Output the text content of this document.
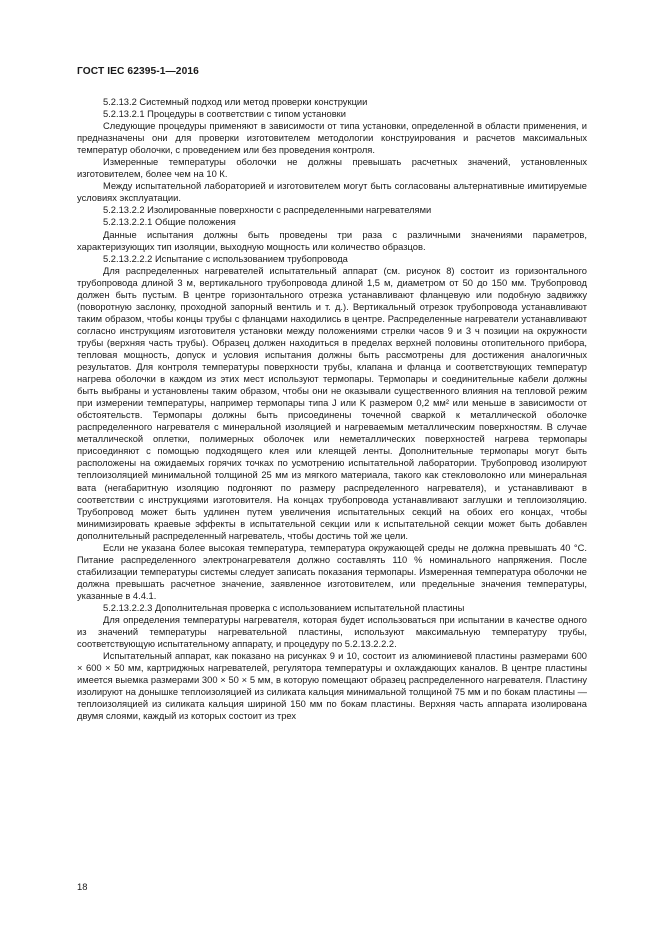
ГОСТ IEC 62395-1—2016

5.2.13.2 Системный подход или метод проверки конструкции

5.2.13.2.1 Процедуры в соответствии с типом установки

Следующие процедуры применяют в зависимости от типа установки, определенной в области применения, и предназначены они для проверки изготовителем методологии конструирования и расчетов максимальных температур оболочки, с проведением или без проведения контроля.

Измеренные температуры оболочки не должны превышать расчетных значений, установленных изготовителем, более чем на 10 К.

Между испытательной лабораторией и изготовителем могут быть согласованы альтернативные имитируемые условиях эксплуатации.

5.2.13.2.2 Изолированные поверхности с распределенными нагревателями

5.2.13.2.2.1 Общие положения

Данные испытания должны быть проведены три раза с различными значениями параметров, характеризующих тип изоляции, выходную мощность или количество образцов.

5.2.13.2.2.2 Испытание с использованием трубопровода

Для распределенных нагревателей испытательный аппарат (см. рисунок 8) состоит из горизонтального трубопровода длиной 3 м, вертикального трубопровода длиной 1,5 м, диаметром от 50 до 150 мм. Трубопровод должен быть пустым. В центре горизонтального отрезка устанавливают фланцевую или подобную задвижку (поворотную заслонку, проходной запорный вентиль и т. д.). Вертикальный отрезок трубопровода устанавливают таким образом, чтобы концы трубы с фланцами находились в центре. Распределенные нагреватели устанавливают согласно инструкциям изготовителя установки между положениями стрелки часов 9 и 3 ч позиции на окружности трубы (верхняя часть трубы). Образец должен находиться в пределах верхней половины отопительного прибора, тепловая мощность, допуск и условия испытания должны быть рассмотрены для достижения аналогичных результатов. Для контроля температуры поверхности трубы, клапана и фланца и соответствующих температур нагрева оболочки в каждом из этих мест используют термопары. Термопары и соединительные кабели должны быть выбраны и установлены таким образом, чтобы они не оказывали существенного влияния на тепловой режим при измерении температуры, например термопары типа J или K размером 0,2 мм² или меньше в зависимости от обстоятельств. Термопары должны быть присоединены точечной сваркой к металлической оболочке распределенного нагревателя с минеральной изоляцией и нагреваемым металлическим поверхностям. В случае металлической оплетки, полимерных оболочек или неметаллических поверхностей нагрева термопары присоединяют с помощью подходящего клея или клеящей ленты. Дополнительные термопары могут быть расположены на ожидаемых горячих точках по усмотрению испытательной лаборатории. Трубопровод изолируют теплоизоляцией минимальной толщиной 25 мм из мягкого материала, такого как стекловолокно или минеральная вата (негабаритную изоляцию подгоняют по размеру распределенного нагревателя), и устанавливают в соответствии с инструкциями изготовителя. На концах трубопровода устанавливают заглушки и теплоизоляцию. Трубопровод может быть удлинен путем увеличения испытательных секций на обоих его концах, чтобы минимизировать краевые эффекты в испытательной секции или к испытательной секции может быть добавлен дополнительный распределенный нагреватель, чтобы достичь той же цели.

Если не указана более высокая температура, температура окружающей среды не должна превышать 40 °С. Питание распределенного электронагревателя должно составлять 110 % номинального напряжения. После стабилизации температуры системы следует записать показания термопары. Измеренная температура оболочки не должна превышать расчетное значение, заявленное изготовителем, или предельные значения температуры, указанные в 4.4.1.

5.2.13.2.2.3 Дополнительная проверка с использованием испытательной пластины

Для определения температуры нагревателя, которая будет использоваться при испытании в качестве одного из значений температуры нагревательной пластины, используют максимальную температуру трубы, соответствующую испытательному аппарату, и процедуру по 5.2.13.2.2.2.

Испытательный аппарат, как показано на рисунках 9 и 10, состоит из алюминиевой пластины размерами 600 × 600 × 50 мм, картриджных нагревателей, регулятора температуры и охлаждающих каналов. В центре пластины имеется выемка размерами 300 × 50 × 5 мм, в которую помещают образец распределенного нагревателя. Пластину изолируют на донышке теплоизоляцией из силиката кальция минимальной толщиной 75 мм и по бокам пластины — теплоизоляцией из силиката кальция шириной 150 мм по бокам пластины. Верхняя часть аппарата изолирована двумя слоями, каждый из которых состоит из трех

18
